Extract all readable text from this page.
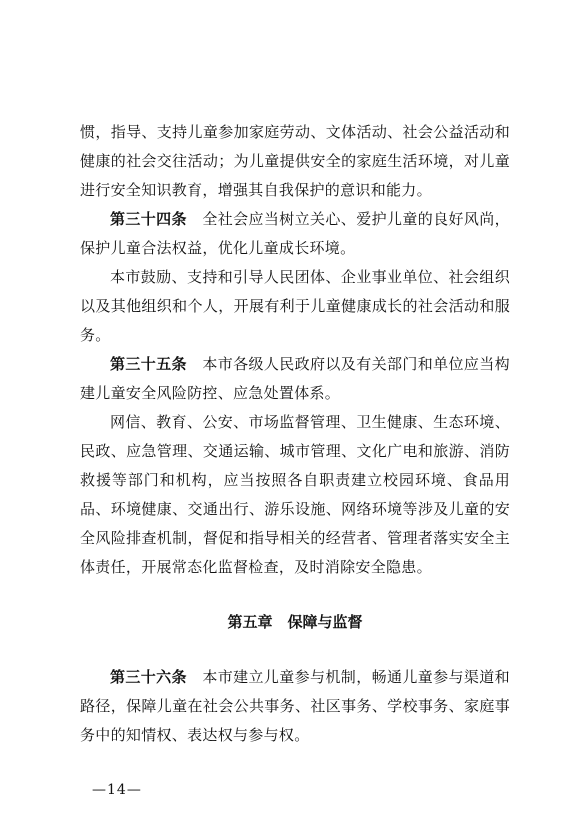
惯，指导、支持儿童参加家庭劳动、文体活动、社会公益活动和健康的社会交往活动；为儿童提供安全的家庭生活环境，对儿童进行安全知识教育，增强其自我保护的意识和能力。

第三十四条　 全社会应当树立关心、爱护儿童的良好风尚，保护儿童合法权益，优化儿童成长环境。

本市鼓励、支持和引导人民团体、企业事业单位、社会组织以及其他组织和个人，开展有利于儿童健康成长的社会活动和服务。

第三十五条　 本市各级人民政府以及有关部门和单位应当构建儿童安全风险防控、应急处置体系。

网信、教育、公安、市场监督管理、卫生健康、生态环境、民政、应急管理、交通运输、城市管理、文化广电和旅游、消防救援等部门和机构，应当按照各自职责建立校园环境、食品用品、环境健康、交通出行、游乐设施、网络环境等涉及儿童的安全风险排查机制，督促和指导相关的经营者、管理者落实安全主体责任，开展常态化监督检查，及时消除安全隐患。

第五章　保障与监督

第三十六条　 本市建立儿童参与机制，畅通儿童参与渠道和路径，保障儿童在社会公共事务、社区事务、学校事务、家庭事务中的知情权、表达权与参与权。

—14—
